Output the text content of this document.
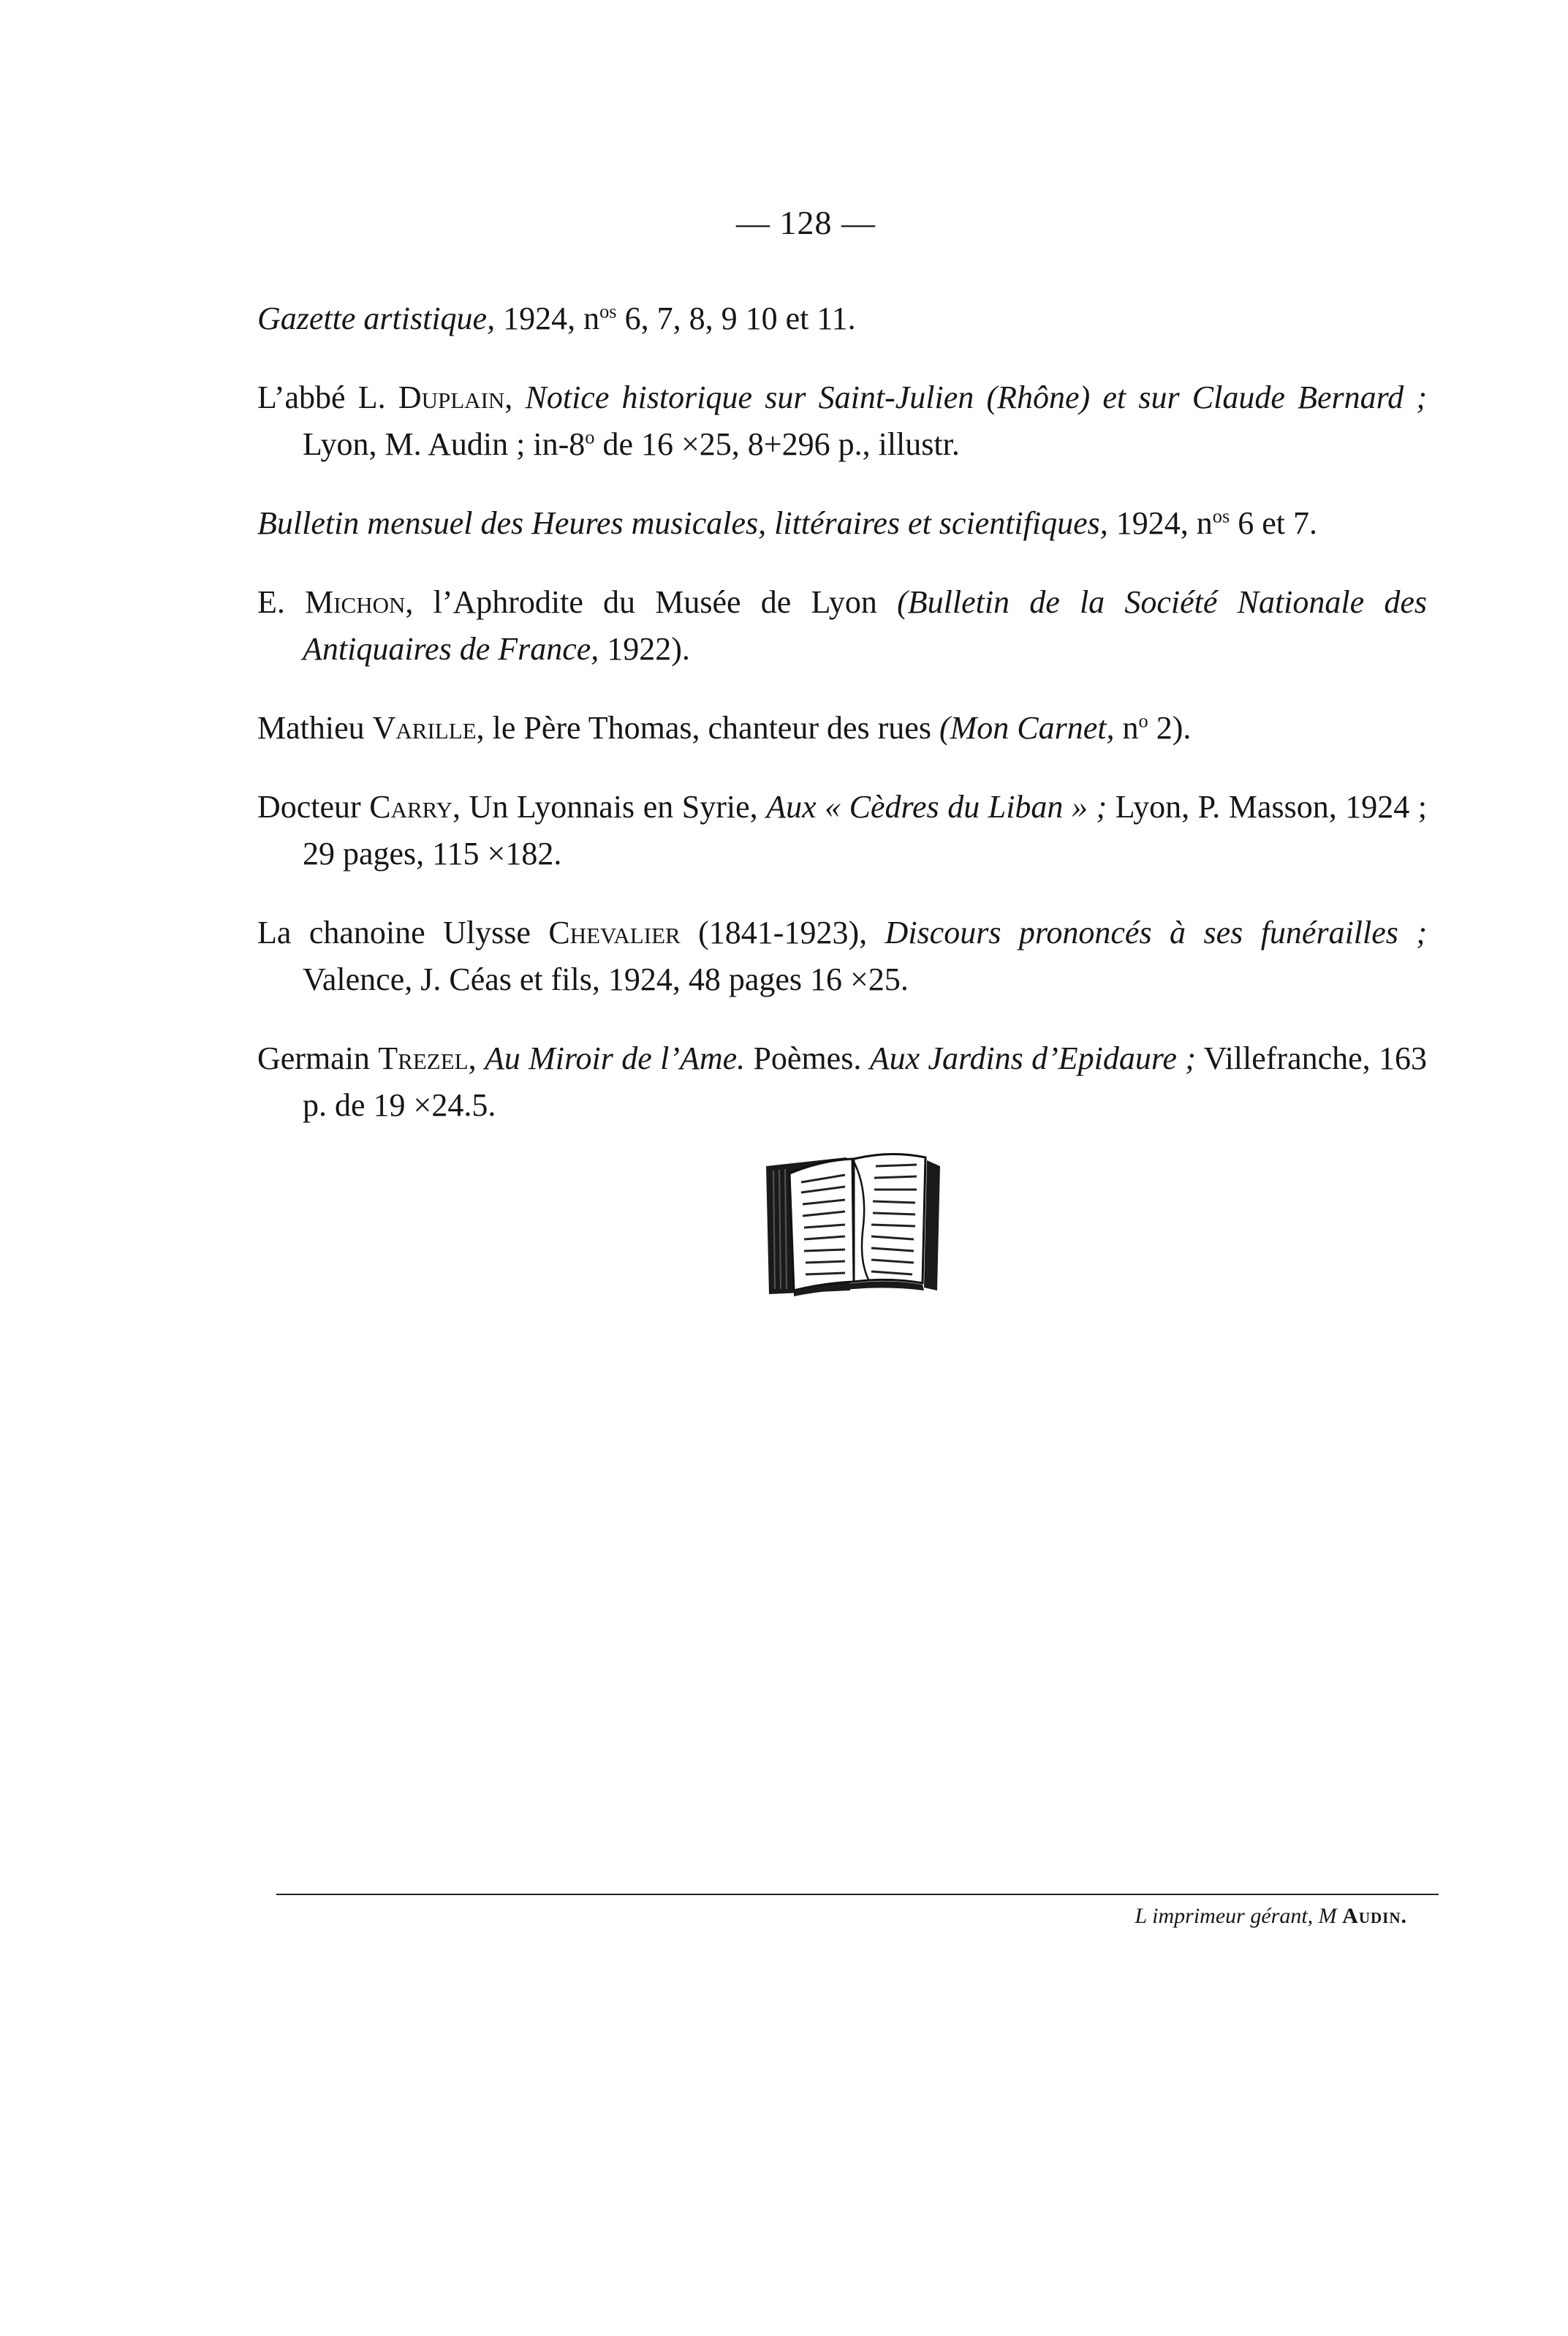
— 128 —

Gazette artistique, 1924, $n^{os}$ 6, 7, 8, 9 10 et 11.

L’abbé L. Duplain, Notice historique sur Saint-Julien (Rhône) et sur Claude Bernard ; Lyon, M. Audin ; in-8$^o$ de 16 ×25, 8+296 p., illustr.

Bulletin mensuel des Heures musicales, littéraires et scientifiques, 1924, $n^{os}$ 6 et 7.

E. Michon, l’Aphrodite du Musée de Lyon (Bulletin de la Société Nationale des Antiquaires de France, 1922).

Mathieu Varille, le Père Thomas, chanteur des rues (Mon Carnet, $n^o$ 2).

Docteur Carry, Un Lyonnais en Syrie, Aux « Cèdres du Liban » ; Lyon, P. Masson, 1924 ; 29 pages, 115 ×182.

La chanoine Ulysse Chevalier (1841-1923), Discours prononcés à ses funérailles ; Valence, J. Céas et fils, 1924, 48 pages 16 ×25.

Germain Trezel, Au Miroir de l’Ame. Poèmes. Aux Jardins d’Epidaure ; Villefranche, 163 p. de 19 ×24.5.

L imprimeur gérant, M Audin.
